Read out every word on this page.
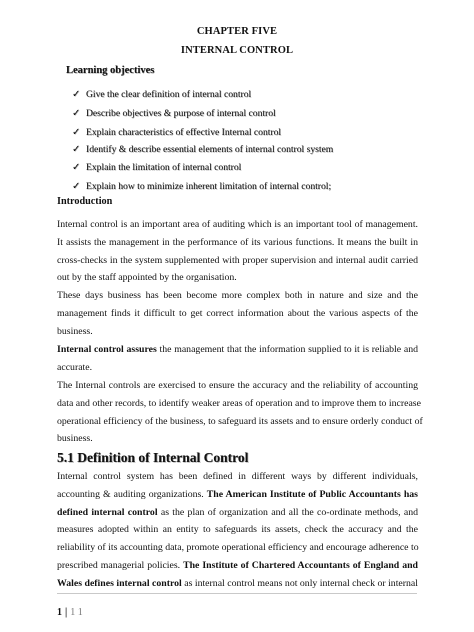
CHAPTER FIVE
INTERNAL CONTROL
Learning objectives
✓ Give the clear definition of internal control
✓ Describe objectives & purpose of internal control
✓ Explain characteristics of effective Internal control
✓ Identify & describe essential elements of internal control system
✓ Explain the limitation of internal control
✓ Explain how to minimize inherent limitation of internal control;
Introduction
Internal control is an important area of auditing which is an important tool of management.
It assists the management in the performance of its various functions. It means the built in
cross-checks in the system supplemented with proper supervision and internal audit carried
out by the staff appointed by the organisation.
These days business has been become more complex both in nature and size and the
management finds it difficult to get correct information about the various aspects of the
business.
Internal control assures the management that the information supplied to it is reliable and
accurate.
The Internal controls are exercised to ensure the accuracy and the reliability of accounting
data and other records, to identify weaker areas of operation and to improve them to increase
operational efficiency of the business, to safeguard its assets and to ensure orderly conduct of
business.
5.1 Definition of Internal Control
Internal control system has been defined in different ways by different individuals,
accounting & auditing organizations. The American Institute of Public Accountants has
defined internal control as the plan of organization and all the co-ordinate methods, and
measures adopted within an entity to safeguards its assets, check the accuracy and the
reliability of its accounting data, promote operational efficiency and encourage adherence to
prescribed managerial policies. The Institute of Chartered Accountants of England and
Wales defines internal control as internal control means not only internal check or internal
1 | 1 1
